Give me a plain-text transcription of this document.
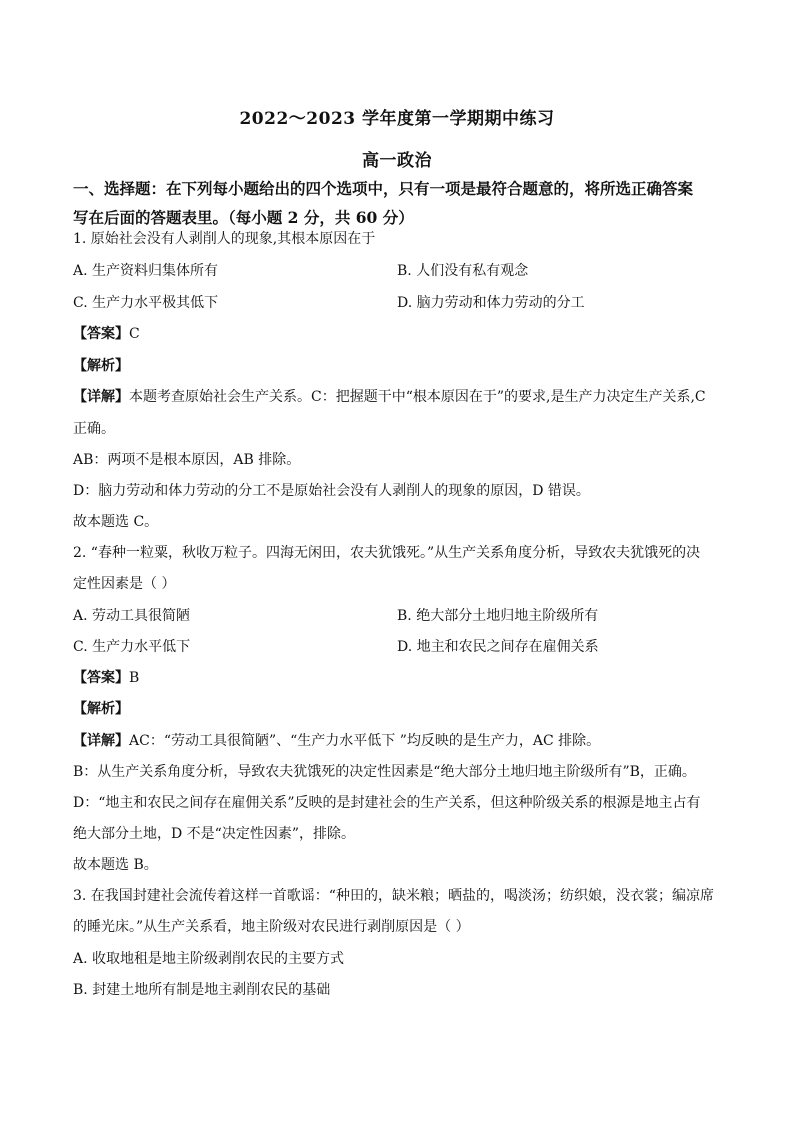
2022～2023 学年度第一学期期中练习
高一政治
一、选择题：在下列每小题给出的四个选项中，只有一项是最符合题意的，将所选正确答案
写在后面的答题表里。（每小题 2 分，共 60 分）
1. 原始社会没有人剥削人的现象,其根本原因在于
A. 生产资料归集体所有	B. 人们没有私有观念
C. 生产力水平极其低下	D. 脑力劳动和体力劳动的分工
【答案】C
【解析】
【详解】本题考查原始社会生产关系。C：把握题干中“根本原因在于”的要求,是生产力决定生产关系,C
正确。
AB：两项不是根本原因，AB 排除。
D：脑力劳动和体力劳动的分工不是原始社会没有人剥削人的现象的原因，D 错误。
故本题选 C。
2. “春种一粒粟，秋收万粒子。四海无闲田，农夫犹饿死。”从生产关系角度分析，导致农夫犹饿死的决
定性因素是（ ）
A. 劳动工具很简陋	B. 绝大部分土地归地主阶级所有
C. 生产力水平低下	D. 地主和农民之间存在雇佣关系
【答案】B
【解析】
【详解】AC：“劳动工具很简陋”、“生产力水平低下 ”均反映的是生产力，AC 排除。
B：从生产关系角度分析，导致农夫犹饿死的决定性因素是“绝大部分土地归地主阶级所有”B，正确。
D：“地主和农民之间存在雇佣关系”反映的是封建社会的生产关系，但这种阶级关系的根源是地主占有
绝大部分土地，D 不是“决定性因素”，排除。
故本题选 B。
3. 在我国封建社会流传着这样一首歌谣：“种田的，缺米粮；晒盐的，喝淡汤；纺织娘，没衣裳；编凉席
的睡光床。”从生产关系看，地主阶级对农民进行剥削原因是（ ）
A. 收取地租是地主阶级剥削农民的主要方式
B. 封建土地所有制是地主剥削农民的基础
